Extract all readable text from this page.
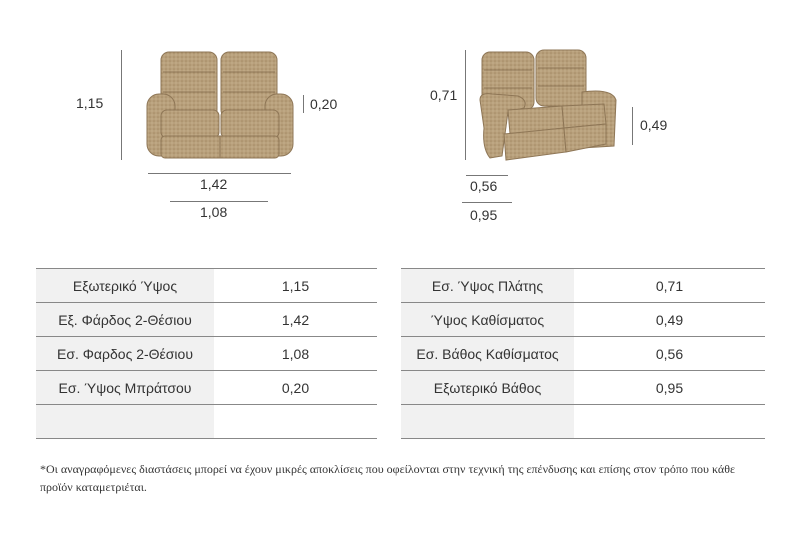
1,15	0,20
1,42
1,08
0,71
0,49
0,56
0,95
Εξωτερικό Ύψος	1,15
Εξ. Φάρδος 2-Θέσιου	1,42
Εσ. Φαρδος 2-Θέσιου	1,08
Εσ. Ύψος Μπράτσου	0,20
Εσ. Ύψος Πλάτης	0,71
Ύψος Καθίσματος	0,49
Εσ. Βάθος Καθίσματος	0,56
Εξωτερικό Βάθος	0,95
*Οι αναγραφόμενες διαστάσεις μπορεί να έχουν μικρές αποκλίσεις που οφείλονται στην τεχνική της επένδυσης και επίσης στον τρόπο που κάθε προϊόν καταμετριέται.
